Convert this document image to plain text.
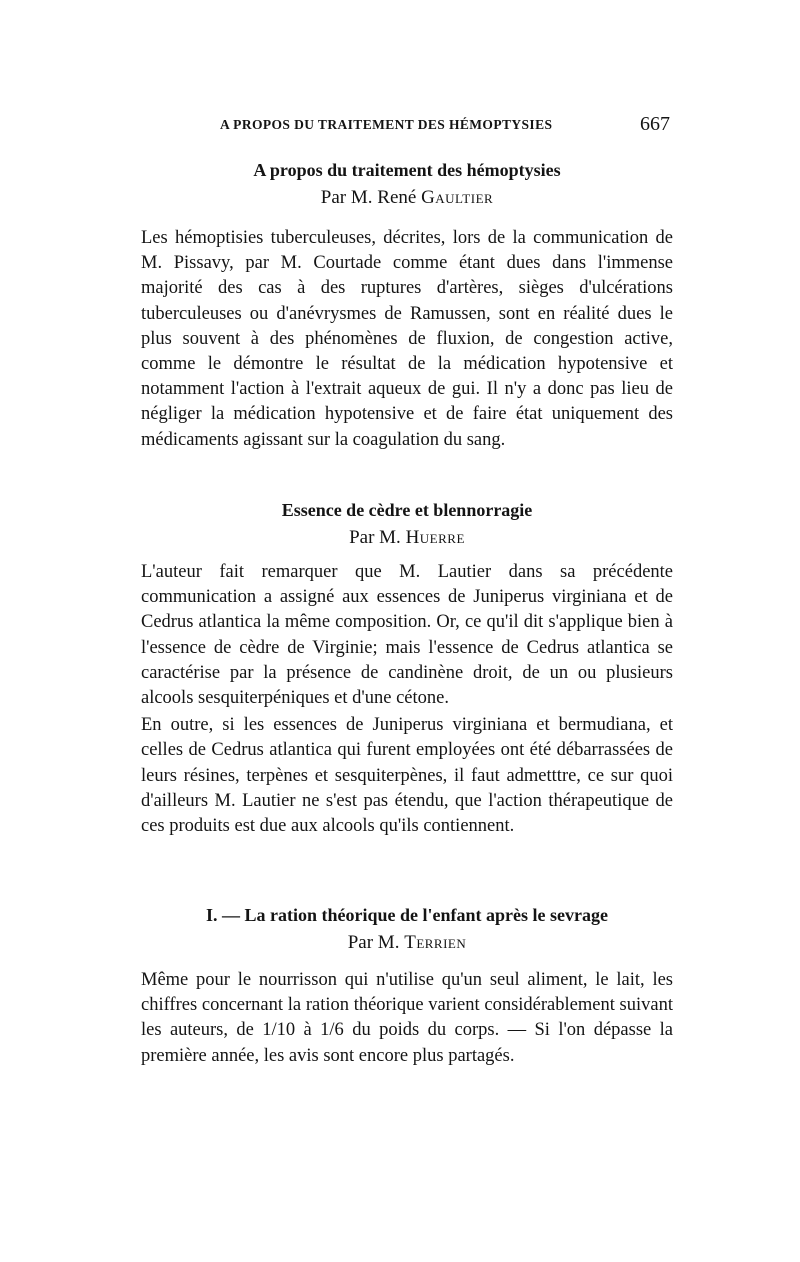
A PROPOS DU TRAITEMENT DES HÉMOPTYSIES	667

A propos du traitement des hémoptysies

Par M. René Gaultier

Les hémoptisies tuberculeuses, décrites, lors de la communication de M. Pissavy, par M. Courtade comme étant dues dans l'immense majorité des cas à des ruptures d'artères, sièges d'ulcérations tuberculeuses ou d'anévrysmes de Ramussen, sont en réalité dues le plus souvent à des phénomènes de fluxion, de congestion active, comme le démontre le résultat de la médication hypotensive et notamment l'action à l'extrait aqueux de gui. Il n'y a donc pas lieu de négliger la médication hypotensive et de faire état uniquement des médicaments agissant sur la coagulation du sang.

Essence de cèdre et blennorragie

Par M. Huerre

L'auteur fait remarquer que M. Lautier dans sa précédente communication a assigné aux essences de Juniperus virginiana et de Cedrus atlantica la même composition. Or, ce qu'il dit s'applique bien à l'essence de cèdre de Virginie; mais l'essence de Cedrus atlantica se caractérise par la présence de candinène droit, de un ou plusieurs alcools sesquiterpéniques et d'une cétone.

En outre, si les essences de Juniperus virginiana et bermudiana, et celles de Cedrus atlantica qui furent employées ont été débarrassées de leurs résines, terpènes et sesquiterpènes, il faut admetttre, ce sur quoi d'ailleurs M. Lautier ne s'est pas étendu, que l'action thérapeutique de ces produits est due aux alcools qu'ils contiennent.

I. — La ration théorique de l'enfant après le sevrage

Par M. Terrien

Même pour le nourrisson qui n'utilise qu'un seul aliment, le lait, les chiffres concernant la ration théorique varient considérablement suivant les auteurs, de 1/10 à 1/6 du poids du corps. — Si l'on dépasse la première année, les avis sont encore plus partagés.
